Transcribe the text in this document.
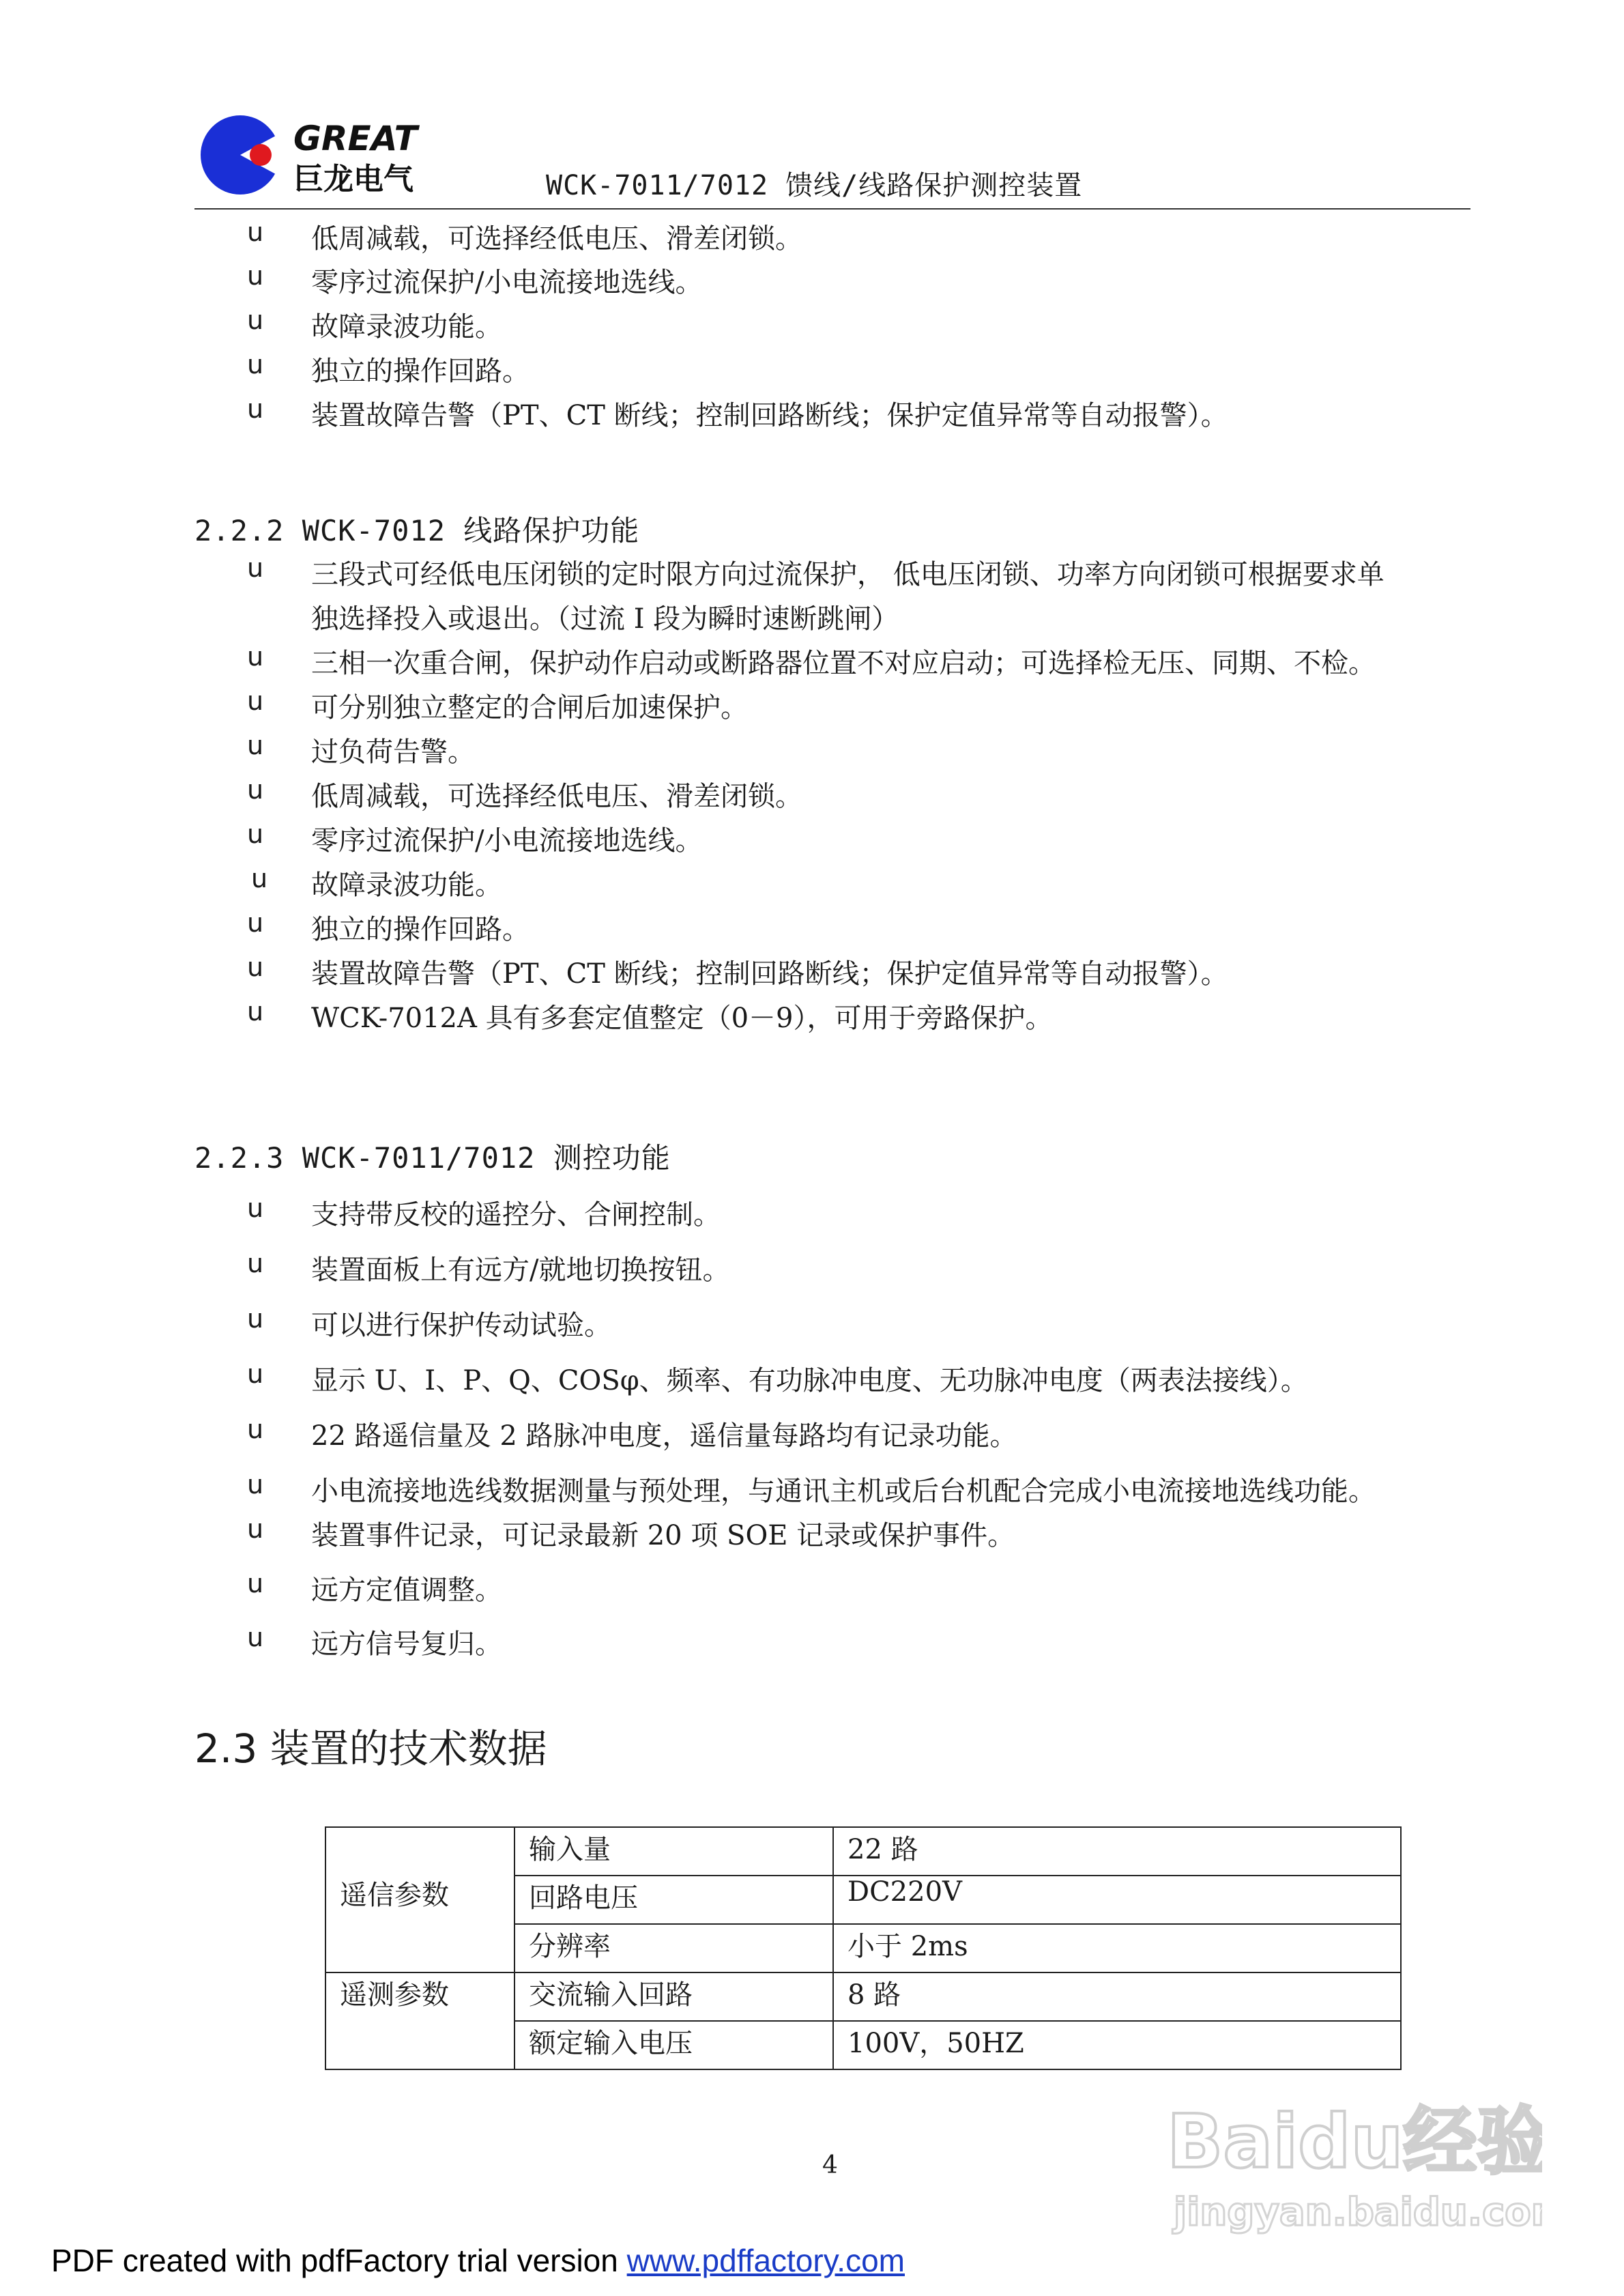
GREAT
巨龙电气	WCK-7011/7012 馈线/线路保护测控装置
u 低周减载，可选择经低电压、滑差闭锁。
u 零序过流保护/小电流接地选线。
u 故障录波功能。
u 独立的操作回路。
u 装置故障告警（PT、CT 断线；控制回路断线；保护定值异常等自动报警）。
2.2.2 WCK-7012 线路保护功能
u 三段式可经低电压闭锁的定时限方向过流保护， 低电压闭锁、功率方向闭锁可根据要求单
独选择投入或退出。（过流 I 段为瞬时速断跳闸）
u 三相一次重合闸，保护动作启动或断路器位置不对应启动；可选择检无压、同期、不检。
u 可分别独立整定的合闸后加速保护。
u 过负荷告警。
u 低周减载，可选择经低电压、滑差闭锁。
u 零序过流保护/小电流接地选线。
u 故障录波功能。
u 独立的操作回路。
u 装置故障告警（PT、CT 断线；控制回路断线；保护定值异常等自动报警）。
u WCK-7012A 具有多套定值整定（0－9），可用于旁路保护。
2.2.3 WCK-7011/7012 测控功能
u 支持带反校的遥控分、合闸控制。
u 装置面板上有远方/就地切换按钮。
u 可以进行保护传动试验。
u 显示 U、I、P、Q、COSφ、频率、有功脉冲电度、无功脉冲电度（两表法接线）。
u 22 路遥信量及 2 路脉冲电度，遥信量每路均有记录功能。
u 小电流接地选线数据测量与预处理，与通讯主机或后台机配合完成小电流接地选线功能。
u 装置事件记录，可记录最新 20 项 SOE 记录或保护事件。
u 远方定值调整。
u 远方信号复归。
2.3 装置的技术数据
遥信参数	输入量	22 路
	回路电压	DC220V
	分辨率	小于 2ms
遥测参数	交流输入回路	8 路
	额定输入电压	100V，50HZ
4	Baidu经验
jingyan.baidu.com
PDF created with pdfFactory trial version www.pdffactory.com
